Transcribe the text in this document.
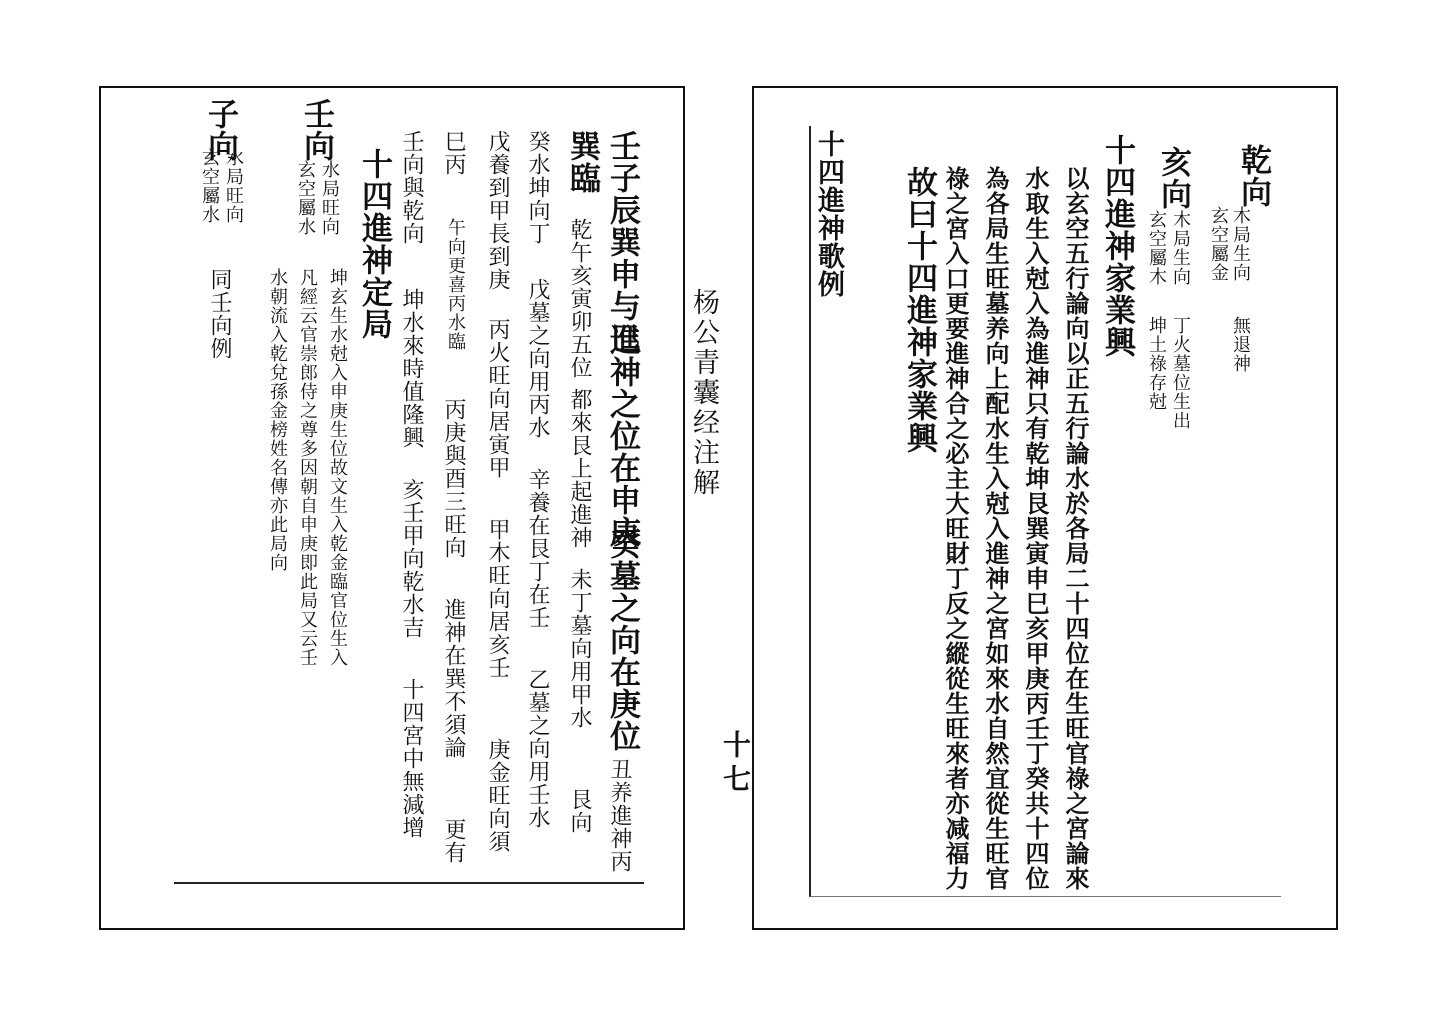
壬子辰巽申与巳
進神之位在申庚
癸墓之向在庚位
丑养進神丙
巽臨
乾午亥寅卯五位
都來艮上起進神
未丁墓向用甲水
艮向
癸水坤向丁
戊墓之向用丙水
辛養在艮丁在壬
乙墓之向用壬水
戊養到甲長到庚
丙火旺向居寅甲
甲木旺向居亥壬
庚金旺向須
巳丙
午向更喜丙水臨
丙庚與酉三旺向
進神在巽不須論
更有
壬向與乾向
坤水來時值隆興
亥壬甲向乾水吉
十四宮中無減增
十四進神定局
壬向
水局旺向
玄空屬水
坤玄生水尅入申庚生位故文生入乾金臨官位生入
凡經云官崇郎侍之尊多因朝自申庚即此局又云壬
水朝流入乾兌孫金榜姓名傳亦此局向
子向
水局旺向
玄空屬水
同壬向例	杨公青囊经注解
十七
乾向
木局生向
玄空屬金
無退神
亥向
木局生向
玄空屬木
丁火墓位生出
坤土祿存尅
十四進神家業興
以玄空五行論向以正五行論水於各局二十四位在生旺官祿之宮論來
水取生入尅入為進神只有乾坤艮巽寅申巳亥甲庚丙壬丁癸共十四位
為各局生旺墓养向上配水生入尅入進神之宮如來水自然宜從生旺官
祿之宮入口更要進神合之必主大旺財丁反之縱從生旺來者亦减福力
故曰十四進神家業興
十四進神歌例
